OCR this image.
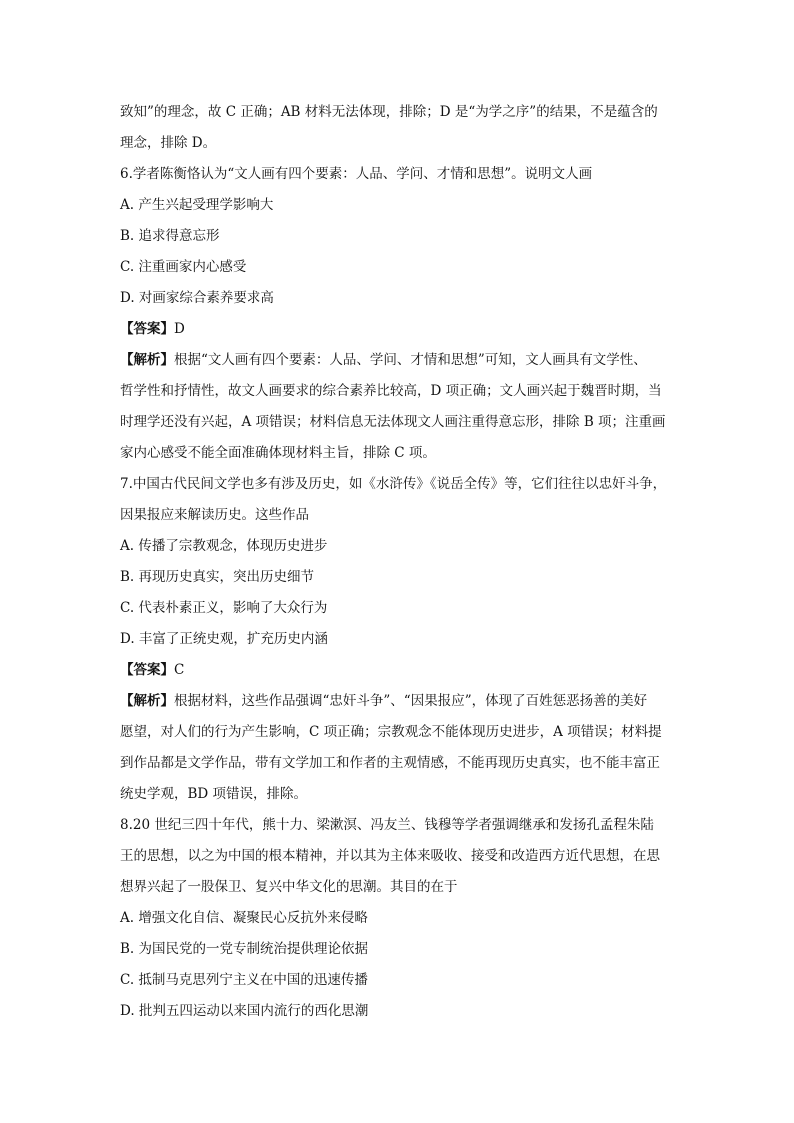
致知”的理念，故 C 正确；AB 材料无法体现，排除；D 是“为学之序”的结果，不是蕴含的
理念，排除 D。
6.学者陈衡恪认为“文人画有四个要素：人品、学问、才情和思想”。说明文人画
A. 产生兴起受理学影响大
B. 追求得意忘形
C. 注重画家内心感受
D. 对画家综合素养要求高
【答案】D
【解析】根据“文人画有四个要素：人品、学问、才情和思想”可知，文人画具有文学性、
哲学性和抒情性，故文人画要求的综合素养比较高，D 项正确；文人画兴起于魏晋时期，当
时理学还没有兴起，A 项错误；材料信息无法体现文人画注重得意忘形，排除 B 项；注重画
家内心感受不能全面准确体现材料主旨，排除 C 项。
7.中国古代民间文学也多有涉及历史，如《水浒传》《说岳全传》等，它们往往以忠奸斗争，
因果报应来解读历史。这些作品
A. 传播了宗教观念，体现历史进步
B. 再现历史真实，突出历史细节
C. 代表朴素正义，影响了大众行为
D. 丰富了正统史观，扩充历史内涵
【答案】C
【解析】根据材料，这些作品强调“忠奸斗争”、“因果报应”，体现了百姓惩恶扬善的美好
愿望，对人们的行为产生影响，C 项正确；宗教观念不能体现历史进步，A 项错误；材料提
到作品都是文学作品，带有文学加工和作者的主观情感，不能再现历史真实，也不能丰富正
统史学观，BD 项错误，排除。
8.20 世纪三四十年代，熊十力、梁漱溟、冯友兰、钱穆等学者强调继承和发扬孔孟程朱陆
王的思想，以之为中国的根本精神，并以其为主体来吸收、接受和改造西方近代思想，在思
想界兴起了一股保卫、复兴中华文化的思潮。其目的在于
A. 增强文化自信、凝聚民心反抗外来侵略
B. 为国民党的一党专制统治提供理论依据
C. 抵制马克思列宁主义在中国的迅速传播
D. 批判五四运动以来国内流行的西化思潮
